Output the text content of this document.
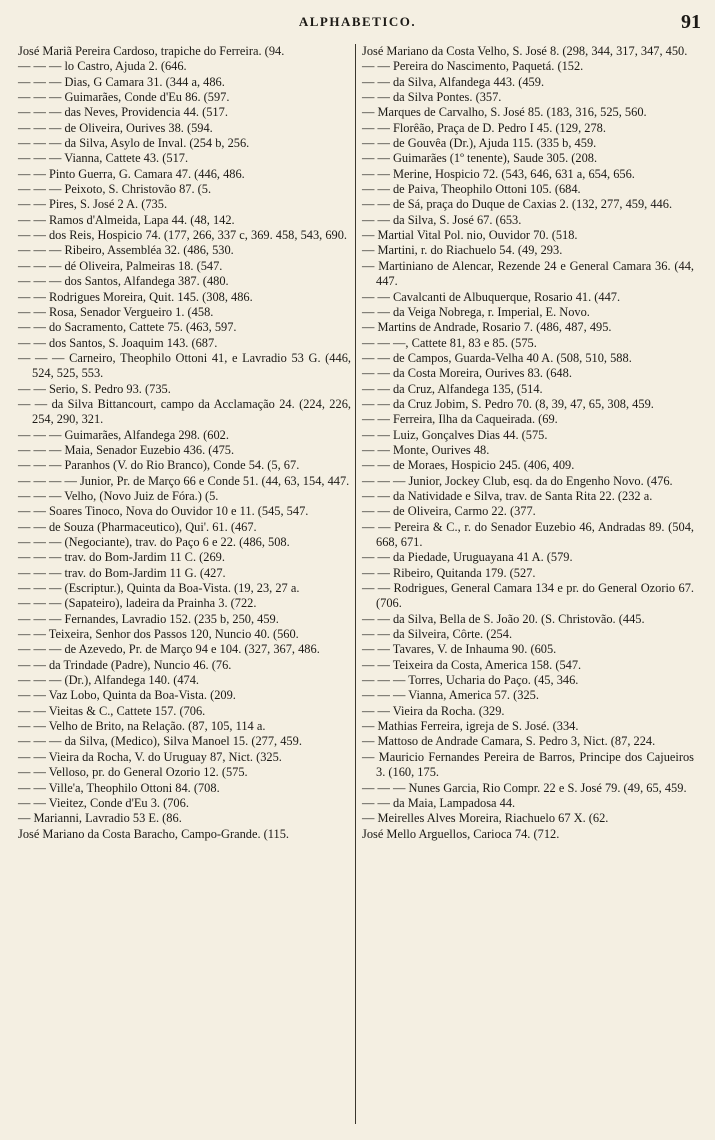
ALPHABETICO.	91

José Mariã Pereira Cardoso, trapiche do Ferreira. (94.

— — — lo Castro, Ajuda 2. (646.

— — — Dias, G Camara 31. (344 a, 486.

— — — Guimarães, Conde d'Eu 86. (597.

— — — das Neves, Providencia 44. (517.

— — — de Oliveira, Ourives 38. (594.

— — — da Silva, Asylo de Inval. (254 b, 256.

— — — Vianna, Cattete 43. (517.

— — Pinto Guerra, G. Camara 47. (446, 486.

— — — Peixoto, S. Christovão 87. (5.

— — Pires, S. José 2 A. (735.

— — Ramos d'Almeida, Lapa 44. (48, 142.

— — dos Reis, Hospicio 74. (177, 266, 337 c, 369. 458, 543, 690.

— — — Ribeiro, Assembléa 32. (486, 530.

— — — dé Oliveira, Palmeiras 18. (547.

— — — dos Santos, Alfandega 387. (480.

— — Rodrigues Moreira, Quit. 145. (308, 486.

— — Rosa, Senador Vergueiro 1. (458.

— — do Sacramento, Cattete 75. (463, 597.

— — dos Santos, S. Joaquim 143. (687.

— — — Carneiro, Theophilo Ottoni 41, e Lavradio 53 G. (446, 524, 525, 553.

— — Serio, S. Pedro 93. (735.

— — da Silva Bittancourt, campo da Acclamação 24. (224, 226, 254, 290, 321.

— — — Guimarães, Alfandega 298. (602.

— — — Maia, Senador Euzebio 436. (475.

— — — Paranhos (V. do Rio Branco), Conde 54. (5, 67.

— — — — Junior, Pr. de Março 66 e Conde 51. (44, 63, 154, 447.

— — — Velho, (Novo Juiz de Fóra.) (5.

— — Soares Tinoco, Nova do Ouvidor 10 e 11. (545, 547.

— — de Souza (Pharmaceutico), Qui'. 61. (467.

— — — (Negociante), trav. do Paço 6 e 22. (486, 508.

— — — trav. do Bom-Jardim 11 C. (269.

— — — trav. do Bom-Jardim 11 G. (427.

— — — (Escriptur.), Quinta da Boa-Vista. (19, 23, 27 a.

— — — (Sapateiro), ladeira da Prainha 3. (722.

— — — Fernandes, Lavradio 152. (235 b, 250, 459.

— — Teixeira, Senhor dos Passos 120, Nuncio 40. (560.

— — — de Azevedo, Pr. de Março 94 e 104. (327, 367, 486.

— — da Trindade (Padre), Nuncio 46. (76.

— — — (Dr.), Alfandega 140. (474.

— — Vaz Lobo, Quinta da Boa-Vista. (209.

— — Vieitas & C., Cattete 157. (706.

— — Velho de Brito, na Relação. (87, 105, 114 a.

— — — da Silva, (Medico), Silva Manoel 15. (277, 459.

— — Vieira da Rocha, V. do Uruguay 87, Nict. (325.

— — Velloso, pr. do General Ozorio 12. (575.

— — Ville'a, Theophilo Ottoni 84. (708.

— — Vieitez, Conde d'Eu 3. (706.

— Marianni, Lavradio 53 E. (86.

José Mariano da Costa Baracho, Campo-Grande. (115.

José Mariano da Costa Velho, S. José 8. (298, 344, 317, 347, 450.

— — Pereira do Nascimento, Paquetá. (152.

— — da Silva, Alfandega 443. (459.

— — da Silva Pontes. (357.

— Marques de Carvalho, S. José 85. (183, 316, 525, 560.

— — Florêão, Praça de D. Pedro I 45. (129, 278.

— — de Gouvêa (Dr.), Ajuda 115. (335 b, 459.

— — Guimarães (1º tenente), Saude 305. (208.

— — Merine, Hospicio 72. (543, 646, 631 a, 654, 656.

— — de Paiva, Theophilo Ottoni 105. (684.

— — de Sá, praça do Duque de Caxias 2. (132, 277, 459, 446.

— — da Silva, S. José 67. (653.

— Martial Vital Pol. nio, Ouvidor 70. (518.

— Martini, r. do Riachuelo 54. (49, 293.

— Martiniano de Alencar, Rezende 24 e General Camara 36. (44, 447.

— — Cavalcanti de Albuquerque, Rosario 41. (447.

— — da Veiga Nobrega, r. Imperial, E. Novo.

— Martins de Andrade, Rosario 7. (486, 487, 495.

— — —, Cattete 81, 83 e 85. (575.

— — de Campos, Guarda-Velha 40 A. (508, 510, 588.

— — da Costa Moreira, Ourives 83. (648.

— — da Cruz, Alfandega 135, (514.

— — da Cruz Jobim, S. Pedro 70. (8, 39, 47, 65, 308, 459.

— — Ferreira, Ilha da Caqueirada. (69.

— — Luiz, Gonçalves Dias 44. (575.

— — Monte, Ourives 48.

— — de Moraes, Hospicio 245. (406, 409.

— — — Junior, Jockey Club, esq. da do Engenho Novo. (476.

— — da Natividade e Silva, trav. de Santa Rita 22. (232 a.

— — de Oliveira, Carmo 22. (377.

— — Pereira & C., r. do Senador Euzebio 46, Andradas 89. (504, 668, 671.

— — da Piedade, Uruguayana 41 A. (579.

— — Ribeiro, Quitanda 179. (527.

— — Rodrigues, General Camara 134 e pr. do General Ozorio 67. (706.

— — da Silva, Bella de S. João 20. (S. Christovão. (445.

— — da Silveira, Côrte. (254.

— — Tavares, V. de Inhauma 90. (605.

— — Teixeira da Costa, America 158. (547.

— — — Torres, Ucharia do Paço. (45, 346.

— — — Vianna, America 57. (325.

— — Vieira da Rocha. (329.

— Mathias Ferreira, igreja de S. José. (334.

— Mattoso de Andrade Camara, S. Pedro 3, Nict. (87, 224.

— Mauricio Fernandes Pereira de Barros, Principe dos Cajueiros 3. (160, 175.

— — — Nunes Garcia, Rio Compr. 22 e S. José 79. (49, 65, 459.

— — da Maia, Lampadosa 44.

— Meirelles Alves Moreira, Riachuelo 67 X. (62.

José Mello Arguellos, Carioca 74. (712.
